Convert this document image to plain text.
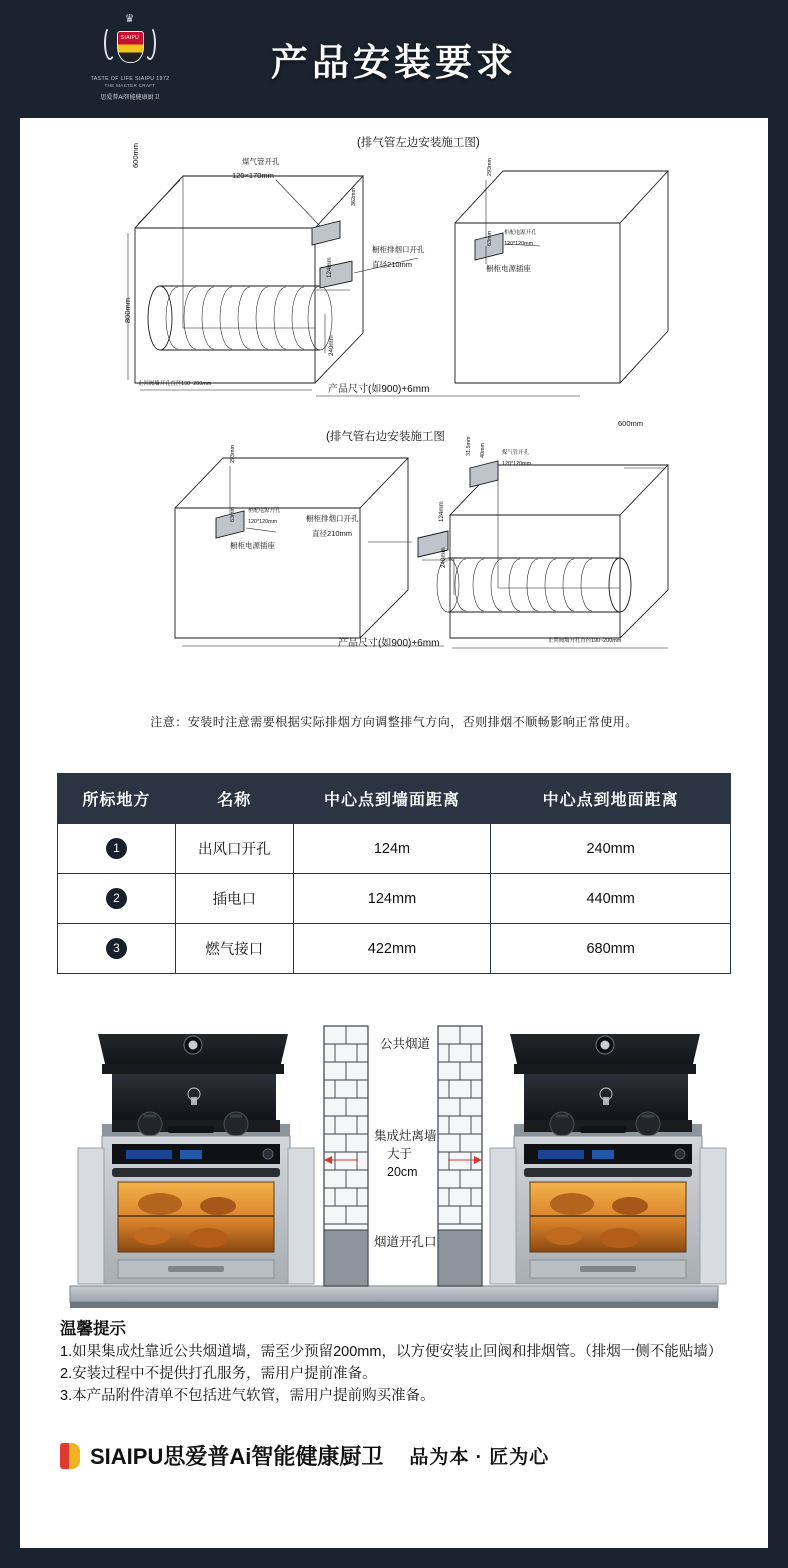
♛
SIAIPU
TASTE OF LIFE SIAIPU 1972
THE MASTER CRAFT
思爱普Ai智能健康厨卫
产品安装要求
(排气管左边安装施工图)
600mm
800mm
煤气管开孔
120×170mm
362mm
橱柜排烟口开孔
直径210mm
124mm
240mm
柜配电源开孔
120*120mm
橱柜电源插座
293mm
63mm
止回阀墙开孔直径190~200mm	产品尺寸(如900)+6mm
(排气管右边安装施工图
600mm
煤气管开孔
120*120mm
31.5mm 40mm
橱柜排烟口开孔
直径210mm
124mm
240mm
柜配电源开孔
120*120mm
橱柜电源插座
293mm
63mm
止回阀墙开孔直径190~200mm
产品尺寸(如900)+6mm
注意：安装时注意需要根据实际排烟方向调整排气方向，否则排烟不顺畅影响正常使用。
所标地方	名称	中心点到墙面距离	中心点到地面距离
1	出风口开孔	124m	240mm
2	插电口	124mm	440mm
3	燃气接口	422mm	680mm
公共烟道
集成灶离墙
大于
20cm
烟道开孔口
温馨提示

1.如果集成灶靠近公共烟道墙，需至少预留200mm，以方便安装止回阀和排烟管。（排烟一侧不能贴墙）

2.安装过程中不提供打孔服务，需用户提前准备。

3.本产品附件清单不包括进气软管，需用户提前购买准备。

SIAIPU思爱普Ai智能健康厨卫 品为本 · 匠为心
